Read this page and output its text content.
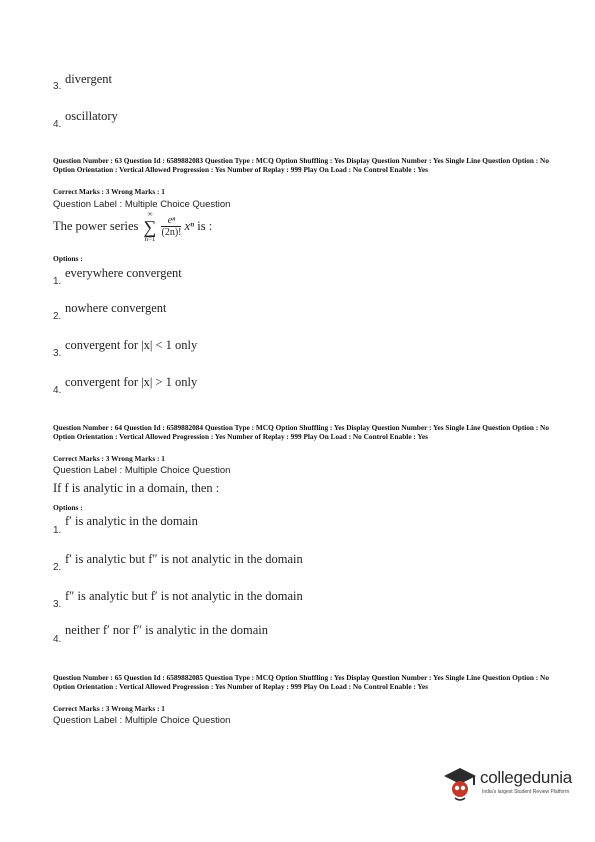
3.
divergent
4.
oscillatory
Question Number : 63 Question Id : 6589882083 Question Type : MCQ Option Shuffling : Yes Display Question Number : Yes Single Line Question Option : No Option Orientation : Vertical Allowed Progression : Yes Number of Replay : 999 Play On Load : No Control Enable : Yes
Correct Marks : 3 Wrong Marks : 1
Question Label : Multiple Choice Question
The power series ∞
∑
$n=1 \frac{\text{eⁿ}}{(2n)!}$ xⁿ is :
Options :
1.
everywhere convergent
2.
nowhere convergent
3.
convergent for |x| < 1 only
4.
convergent for |x| > 1 only
Question Number : 64 Question Id : 6589882084 Question Type : MCQ Option Shuffling : Yes Display Question Number : Yes Single Line Question Option : No Option Orientation : Vertical Allowed Progression : Yes Number of Replay : 999 Play On Load : No Control Enable : Yes
Correct Marks : 3 Wrong Marks : 1
Question Label : Multiple Choice Question
If f is analytic in a domain, then :
Options :
1.
f′ is analytic in the domain
2.
f′ is analytic but f″ is not analytic in the domain
3.
f″ is analytic but f′ is not analytic in the domain
4.
neither f′ nor f″ is analytic in the domain
Question Number : 65 Question Id : 6589882085 Question Type : MCQ Option Shuffling : Yes Display Question Number : Yes Single Line Question Option : No Option Orientation : Vertical Allowed Progression : Yes Number of Replay : 999 Play On Load : No Control Enable : Yes
Correct Marks : 3 Wrong Marks : 1
Question Label : Multiple Choice Question
collegedunia
India's largest Student Review Platform
